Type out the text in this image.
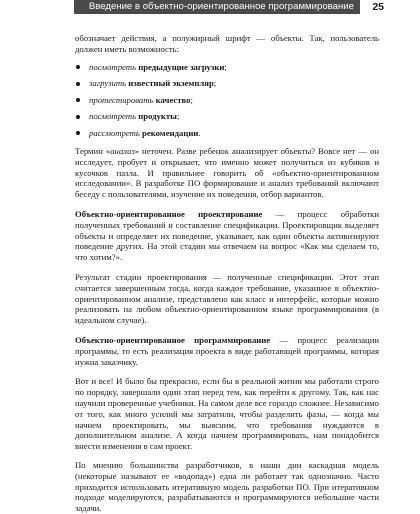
Введение в объектно-ориентированное программирование	25

обозначает действия, а полужирный шрифт — объекты. Так, пользователь должен иметь возможность:

посмотреть предыдущие загрузки;
загрузить известный экземпляр;
протестировать качество;
посмотреть продукты;
рассмотреть рекомендации.

Термин «анализ» неточен. Разве ребенок анализирует объекты? Вовсе нет — он исследует, пробует и открывает, что именно может получиться из кубиков и кусочков пазла. И правильнее говорить об «объектно-ориентированном исследовании». В разработке ПО формирование и анализ требований включают беседу с пользователями, изучение их поведения, отбор вариантов.

Объектно-ориентированное проектирование — процесс обработки полученных требований и составление спецификации. Проектировщик выделяет объекты и определяет их поведение, указывает, как один объекты активизируют поведение других. На этой стадии мы отвечаем на вопрос «Как мы сделаем то, что хотим?».

Результат стадии проектирования — полученные спецификации. Этот этап считается завершенным тогда, когда каждое требование, указанное в объектно-ориентированном анализе, представлено как класс и интерфейс, которые можно реализовать на любом объектно-ориентированном языке программирования (в идеальном случае).

Объектно-ориентированное программирование — процесс реализации программы, то есть реализация проекта в виде работающей программы, которая нужна заказчику.

Вот и все! И было бы прекрасно, если бы в реальной жизни мы работали строго по порядку, завершали один этап перед тем, как перейти к другому. Так, как нас научили проверенные учебники. На самом деле все гораздо сложнее. Независимо от того, как много усилий мы затратили, чтобы разделить фазы, — когда мы начнем проектировать, мы выясним, что требования нуждаются в дополнительном анализе. А когда начнем программировать, нам понадобится внести изменения в сам проект.

По мнению большинства разработчиков, в наши дни каскадная модель (некоторые называют ее «водопад») една ли работает так однозначно. Часто приходится использовать итеративную модель разработки ПО. При итеративном подходе моделируются, разрабатываются и программируются небольшие части задачи.
